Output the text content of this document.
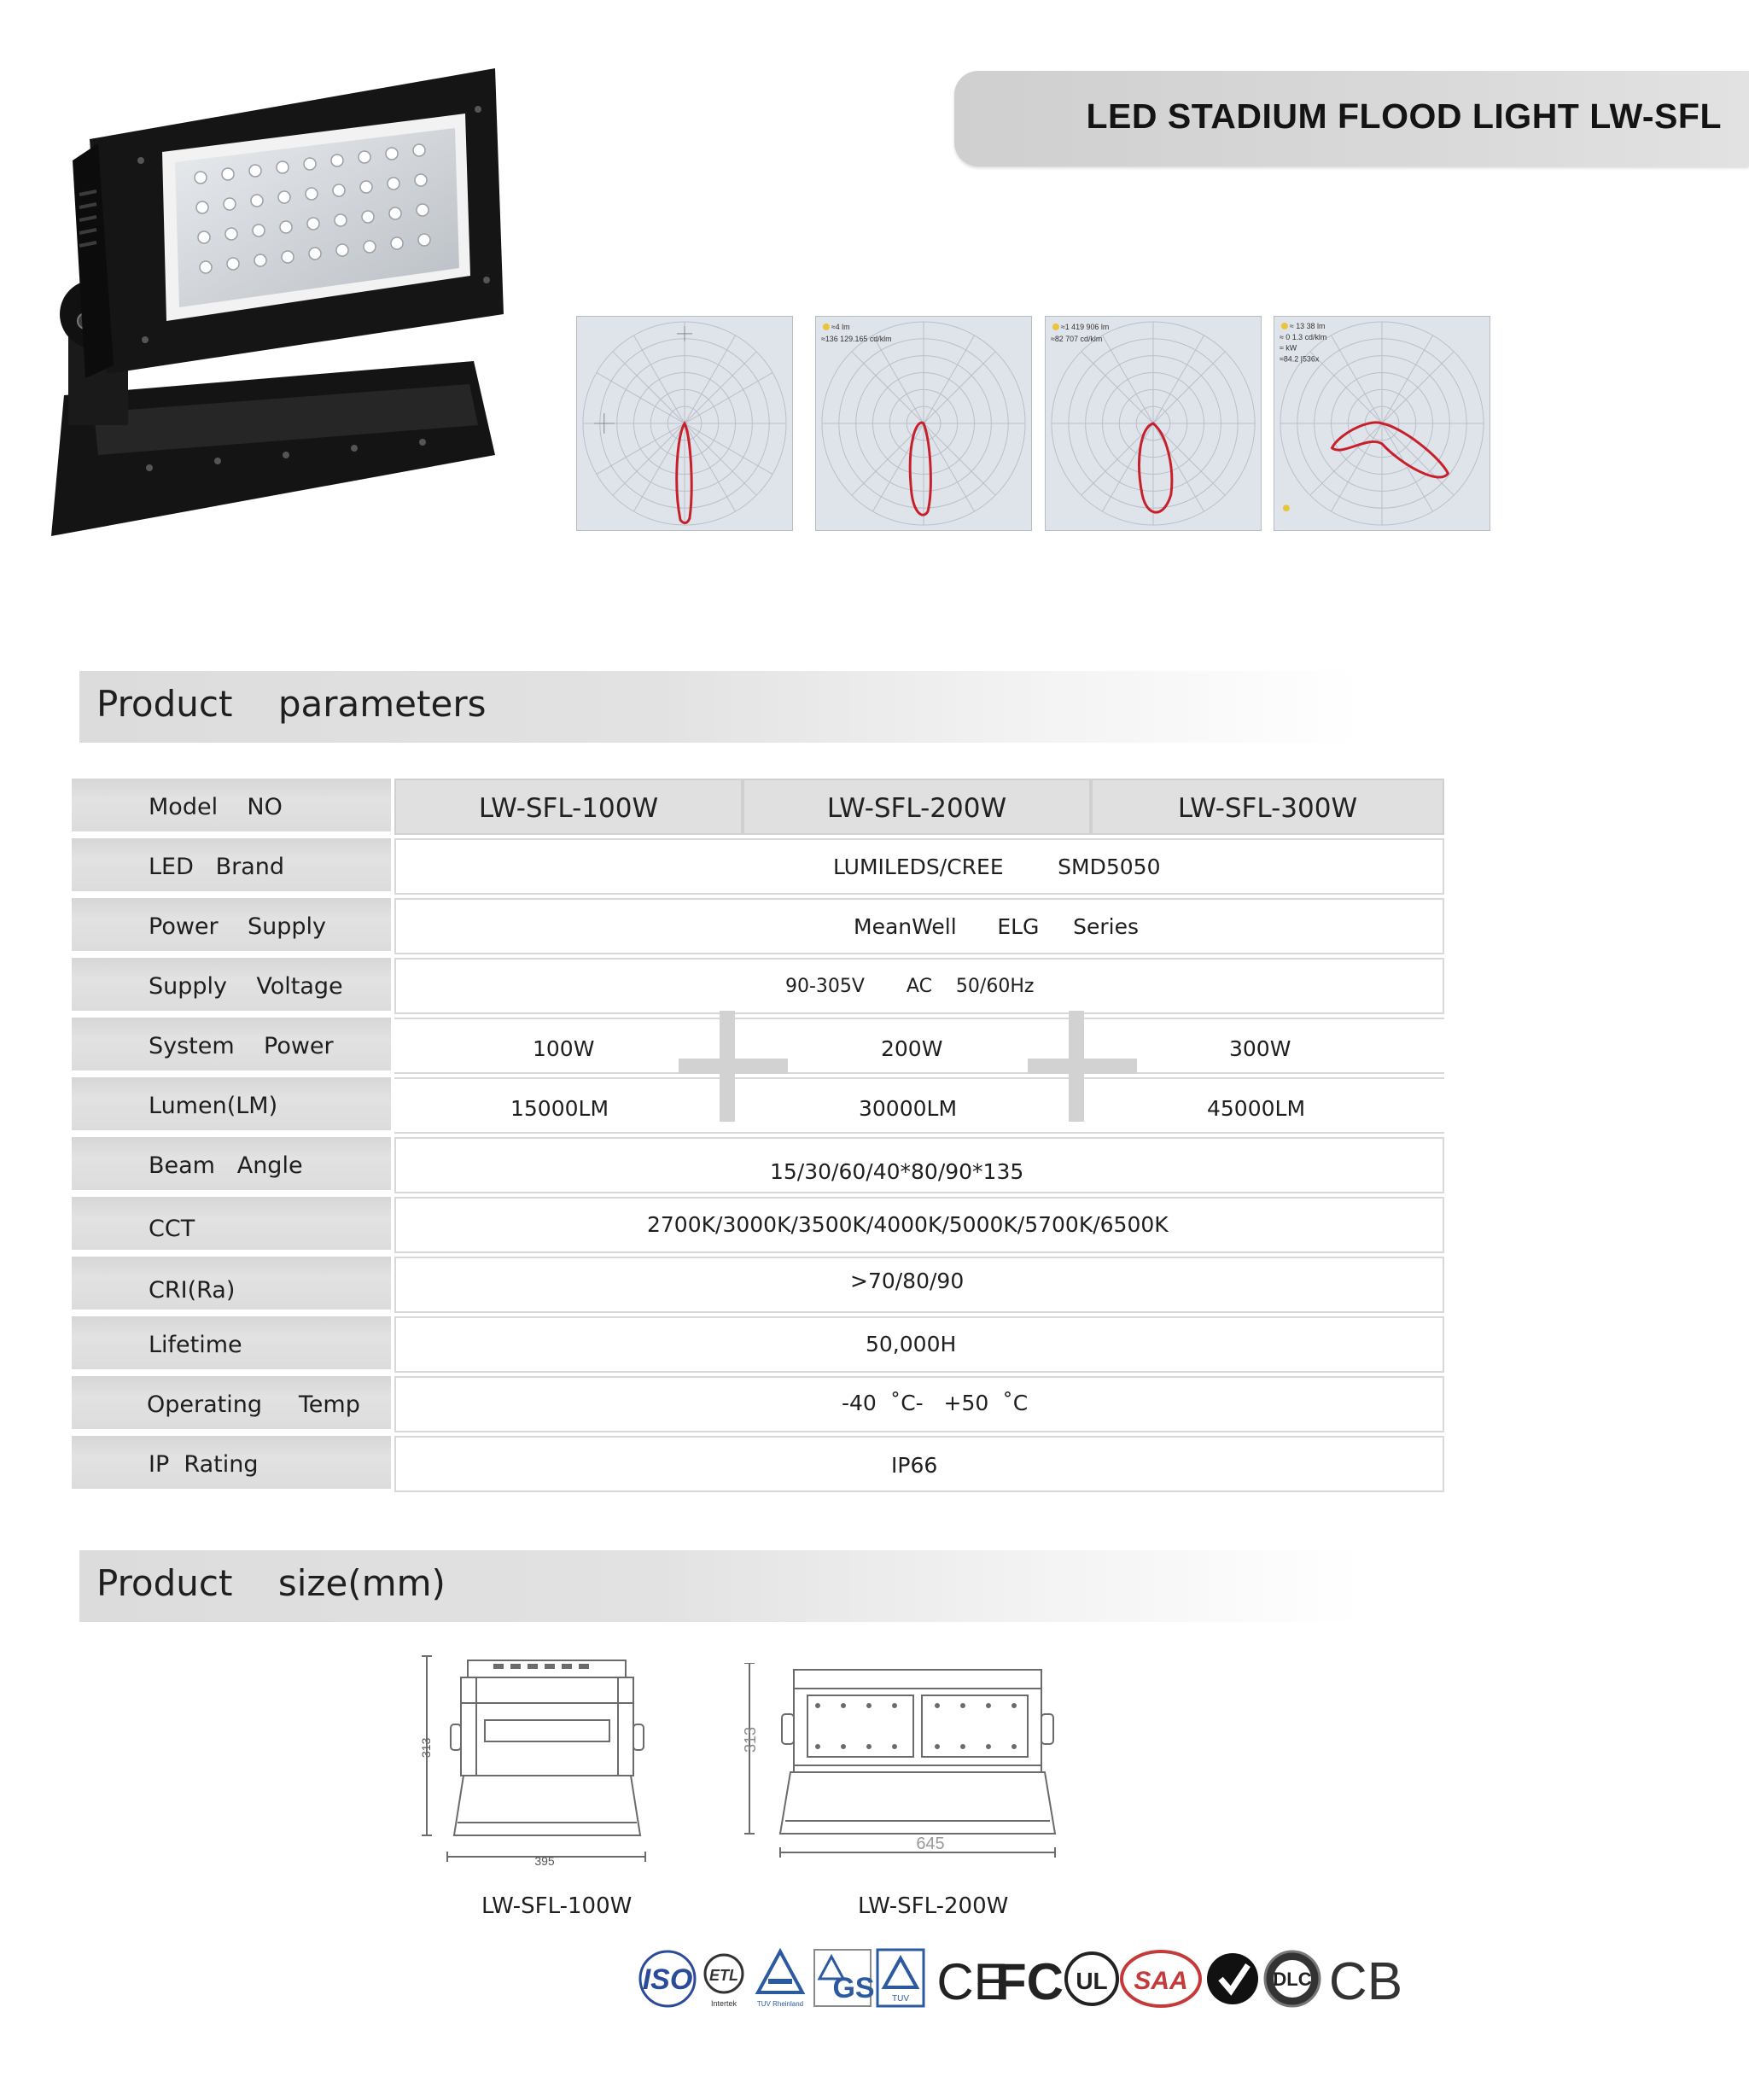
LED STADIUM FLOOD LIGHT LW-SFL
≈4 lm
≈136 129.165 cd/klm
≈1 419 906 lm
≈82 707 cd/klm
≈ 13 38 lm
≈ 0 1.3 cd/klm
≈ kW
≈84.2 |536x
Product    parameters
Model    NO	LW-SFL-100W	LW-SFL-200W	LW-SFL-300W
LED   Brand	LUMILEDS/CREE        SMD5050
Power    Supply	MeanWell      ELG     Series
Supply    Voltage	90-305V       AC    50/60Hz
System    Power	100W	200W	300W
Lumen(LM)	15000LM	30000LM	45000LM
Beam   Angle	15/30/60/40*80/90*135
CCT	2700K/3000K/3500K/4000K/5000K/5700K/6500K
CRI(Ra)	>70/80/90
Lifetime	50,000H
Operating     Temp	-40  ˚C-   +50  ˚C
IP  Rating	IP66
Product    size(mm)
313
395
LW-SFL-100W
313
645
LW-SFL-200W
ISO ETL
Intertek	TUV Rheinland GS TUV CE
FC UL SAA	DLC CB
